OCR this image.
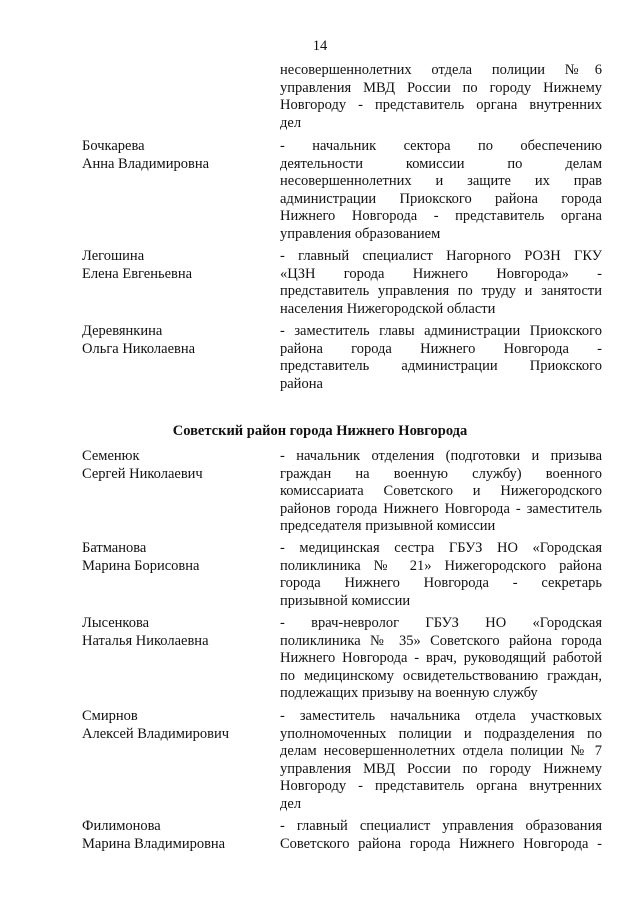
14
несовершеннолетних отдела полиции №6
управления МВД России по городу Нижнему
Новгороду - представитель органа внутренних
дел
Бочкарева
Анна Владимировна
- начальник сектора по обеспечению
деятельности комиссии по делам
несовершеннолетних и защите их прав
администрации Приокского района города
Нижнего Новгорода - представитель органа
управления образованием
Легошина
Елена Евгеньевна
- главный специалист Нагорного РОЗН ГКУ
«ЦЗН города Нижнего Новгорода» -
представитель управления по труду и занятости
населения Нижегородской области
Деревянкина
Ольга Николаевна
- заместитель главы администрации Приокского
района города Нижнего Новгорода -
представитель администрации Приокского
района
Советский район города Нижнего Новгорода
Семенюк
Сергей Николаевич
- начальник отделения (подготовки и призыва
граждан на военную службу) военного
комиссариата Советского и Нижегородского
районов города Нижнего Новгорода - заместитель
председателя призывной комиссии
Батманова
Марина Борисовна
- медицинская сестра ГБУЗ НО «Городская
поликлиника № 21» Нижегородского района
города Нижнего Новгорода - секретарь
призывной комиссии
Лысенкова
Наталья Николаевна
- врач-невролог ГБУЗ НО «Городская
поликлиника № 35» Советского района города
Нижнего Новгорода - врач, руководящий работой
по медицинскому освидетельствованию граждан,
подлежащих призыву на военную службу
Смирнов
Алексей Владимирович
- заместитель начальника отдела участковых
уполномоченных полиции и подразделения по
делам несовершеннолетних отдела полиции № 7
управления МВД России по городу Нижнему
Новгороду - представитель органа внутренних
дел
Филимонова
Марина Владимировна
- главный специалист управления образования
Советского района города Нижнего Новгорода -
